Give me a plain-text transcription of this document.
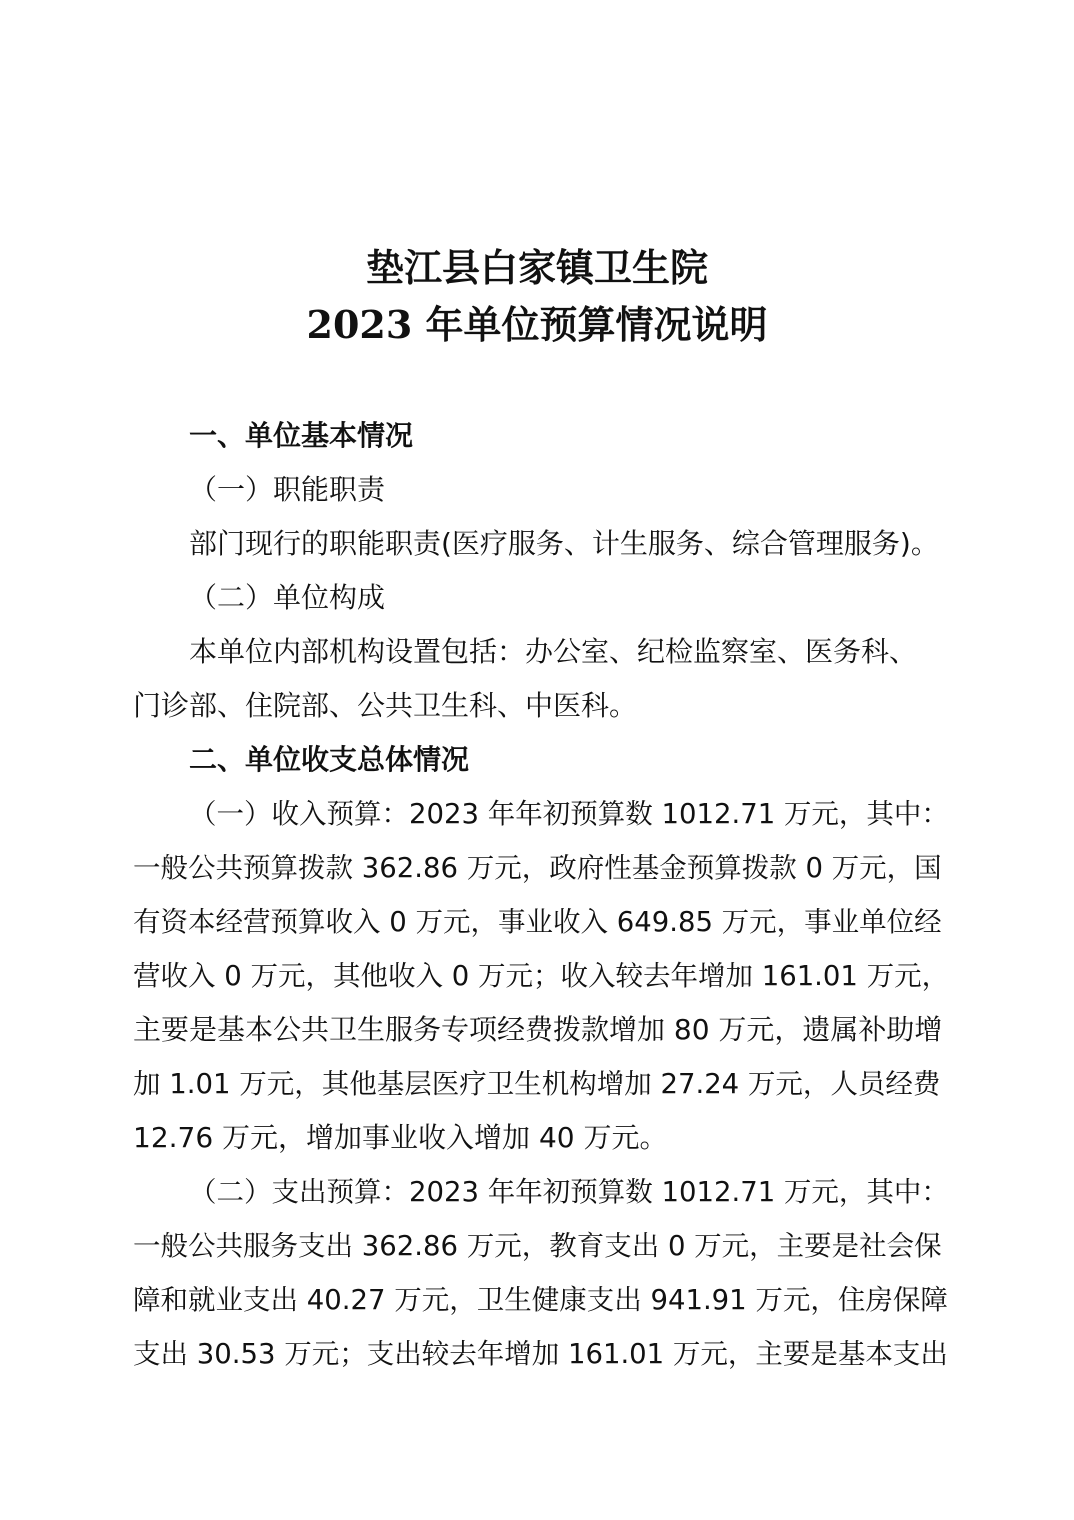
垫江县白家镇卫生院
2023 年单位预算情况说明
一、单位基本情况
（一）职能职责
部门现行的职能职责(医疗服务、计生服务、综合管理服务)。
（二）单位构成
本单位内部机构设置包括：办公室、纪检监察室、医务科、
门诊部、住院部、公共卫生科、中医科。
二、单位收支总体情况
（一）收入预算：2023 年年初预算数 1012.71 万元，其中：
一般公共预算拨款 362.86 万元，政府性基金预算拨款 0 万元，国
有资本经营预算收入 0 万元，事业收入 649.85 万元，事业单位经
营收入 0 万元，其他收入 0 万元；收入较去年增加 161.01 万元，
主要是基本公共卫生服务专项经费拨款增加 80 万元，遗属补助增
加 1.01 万元，其他基层医疗卫生机构增加 27.24 万元，人员经费
12.76 万元，增加事业收入增加 40 万元。
（二）支出预算：2023 年年初预算数 1012.71 万元，其中：
一般公共服务支出 362.86 万元，教育支出 0 万元，主要是社会保
障和就业支出 40.27 万元，卫生健康支出 941.91 万元，住房保障
支出 30.53 万元；支出较去年增加 161.01 万元，主要是基本支出
